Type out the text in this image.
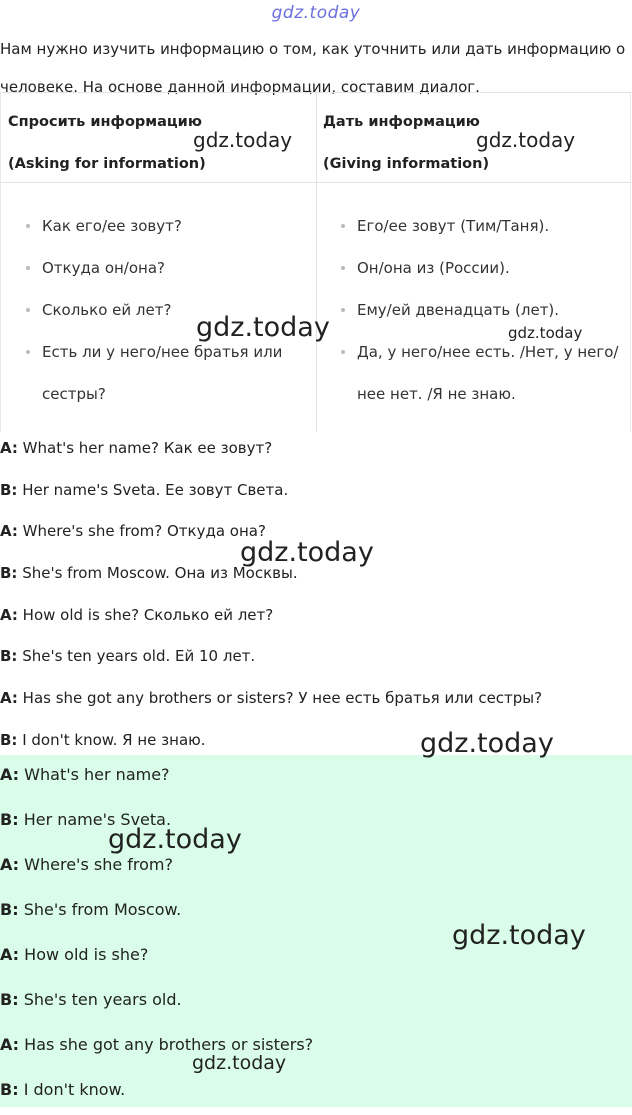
gdz.today
Нам нужно изучить информацию о том, как уточнить или дать информацию о человеке. На основе данной информации, составим диалог.
Спросить информацию
(Asking for information)
Как его/ее зовут?
Откуда он/она?
Сколько ей лет?
Есть ли у него/нее братья или сестры?
Дать информацию
(Giving information)
Его/ее зовут (Тим/Таня).
Он/она из (России).
Ему/ей двенадцать (лет).
Да, у него/нее есть. /Нет, у него/ нее нет. /Я не знаю.
A: What's her name? Как ее зовут?
B: Her name's Sveta. Ее зовут Света.
A: Where's she from? Откуда она?
B: She's from Moscow. Она из Москвы.
A: How old is she? Сколько ей лет?
B: She's ten years old. Ей 10 лет.
A: Has she got any brothers or sisters? У нее есть братья или сестры?
B: I don't know. Я не знаю.
A: What's her name?
B: Her name's Sveta.
A: Where's she from?
B: She's from Moscow.
A: How old is she?
B: She's ten years old.
A: Has she got any brothers or sisters?
B: I don't know.
gdz.today	gdz.today
gdz.today	gdz.today
gdz.today
gdz.today
gdz.today
gdz.today
gdz.today
